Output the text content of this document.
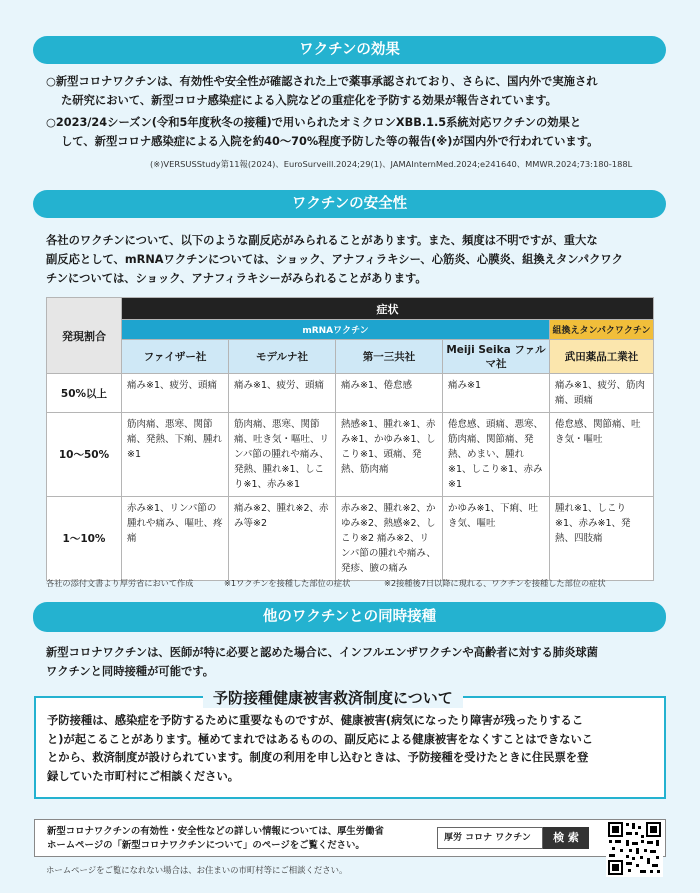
ワクチンの効果
○新型コロナワクチンは、有効性や安全性が確認された上で薬事承認されており、さらに、国内外で実施され
た研究において、新型コロナ感染症による入院などの重症化を予防する効果が報告されています。
○2023/24シーズン(令和5年度秋冬の接種)で用いられたオミクロンXBB.1.5系統対応ワクチンの効果と
して、新型コロナ感染症による入院を約40〜70%程度予防した等の報告(※)が国内外で行われています。
(※)VERSUSStudy第11報(2024)、EuroSurveill.2024;29(1)、JAMAInternMed.2024;e241640、MMWR.2024;73:180-188L
ワクチンの安全性
各社のワクチンについて、以下のような副反応がみられることがあります。また、頻度は不明ですが、重大な
副反応として、mRNAワクチンについては、ショック、アナフィラキシー、心筋炎、心膜炎、組換えタンパクワク
チンについては、ショック、アナフィラキシーがみられることがあります。
発現割合	症状				
	mRNAワクチン				組換えタンパクワクチン
	ファイザー社	モデルナ社	第一三共社	Meiji Seika ファルマ社	武田薬品工業社
50%以上	痛み※1、疲労、頭痛	痛み※1、疲労、頭痛	痛み※1、倦怠感	痛み※1	痛み※1、疲労、筋肉痛、頭痛
10〜50%	筋肉痛、悪寒、関節痛、発熱、下痢、腫れ※1	筋肉痛、悪寒、関節痛、吐き気・嘔吐、リンパ節の腫れや痛み、発熱、腫れ※1、しこり※1、赤み※1	熱感※1、腫れ※1、赤み※1、かゆみ※1、しこり※1、頭痛、発熱、筋肉痛	倦怠感、頭痛、悪寒、筋肉痛、関節痛、発熱、めまい、腫れ※1、しこり※1、赤み※1	倦怠感、関節痛、吐き気・嘔吐
1〜10%	赤み※1、リンパ節の腫れや痛み、嘔吐、疼痛	痛み※2、腫れ※2、赤み等※2	赤み※2、腫れ※2、かゆみ※2、熱感※2、しこり※2 痛み※2、リンパ節の腫れや痛み、発疹、腋の痛み	かゆみ※1、下痢、吐き気、嘔吐	腫れ※1、しこり※1、赤み※1、発熱、四肢痛
各社の添付文書より厚労省において作成	※1ワクチンを接種した部位の症状	※2接種後7日以降に現れる、ワクチンを接種した部位の症状
他のワクチンとの同時接種
新型コロナワクチンは、医師が特に必要と認めた場合に、インフルエンザワクチンや高齢者に対する肺炎球菌
ワクチンと同時接種が可能です。
予防接種健康被害救済制度について
予防接種は、感染症を予防するために重要なものですが、健康被害(病気になったり障害が残ったりするこ
と)が起こることがあります。極めてまれではあるものの、副反応による健康被害をなくすことはできないこ
とから、救済制度が設けられています。制度の利用を申し込むときは、予防接種を受けたときに住民票を登
録していた市町村にご相談ください。
新型コロナワクチンの有効性・安全性などの詳しい情報については、厚生労働省
ホームページの「新型コロナワクチンについて」のページをご覧ください。
厚労 コロナ ワクチン	検 索
ホームページをご覧になれない場合は、お住まいの市町村等にご相談ください。
